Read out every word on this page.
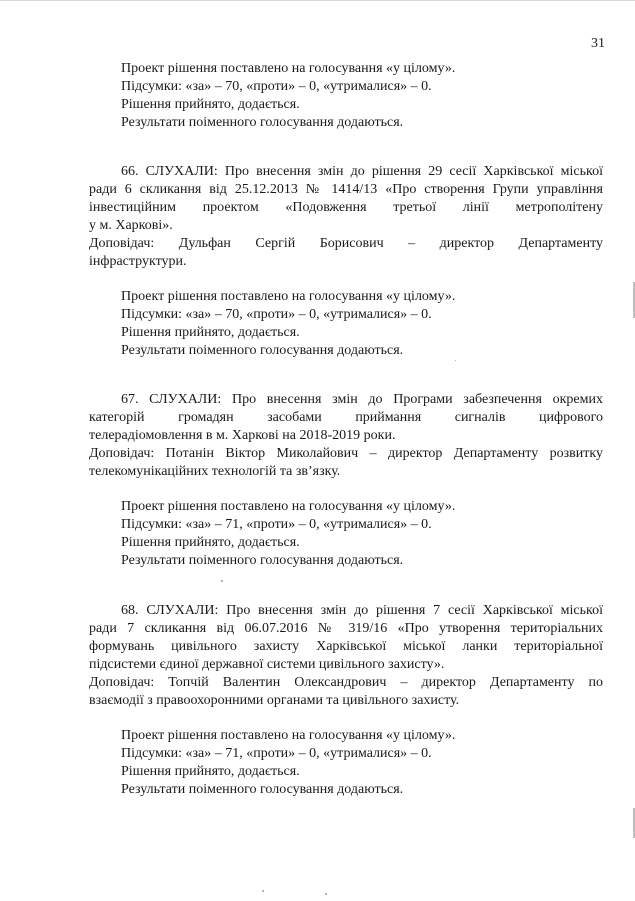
31
Проект рішення поставлено на голосування «у цілому».
Підсумки: «за» – 70, «проти» – 0, «утрималися» – 0.
Рішення прийнято, додається.
Результати поіменного голосування додаються.
66. СЛУХАЛИ: Про внесення змін до рішення 29 сесії Харківської міської
ради 6 скликання від 25.12.2013 № 1414/13 «Про створення Групи управління
інвестиційним проектом «Подовження третьої лінії метрополітену
у м. Харкові».
Доповідач: Дульфан Сергій Борисович – директор Департаменту
інфраструктури.
Проект рішення поставлено на голосування «у цілому».
Підсумки: «за» – 70, «проти» – 0, «утрималися» – 0.
Рішення прийнято, додається.
Результати поіменного голосування додаються.
67. СЛУХАЛИ: Про внесення змін до Програми забезпечення окремих
категорій громадян засобами приймання сигналів цифрового
телерадіомовлення в м. Харкові на 2018-2019 роки.
Доповідач: Потанін Віктор Миколайович – директор Департаменту розвитку
телекомунікаційних технологій та зв’язку.
Проект рішення поставлено на голосування «у цілому».
Підсумки: «за» – 71, «проти» – 0, «утрималися» – 0.
Рішення прийнято, додається.
Результати поіменного голосування додаються.
68. СЛУХАЛИ: Про внесення змін до рішення 7 сесії Харківської міської
ради 7 скликання від 06.07.2016 № 319/16 «Про утворення територіальних
формувань цивільного захисту Харківської міської ланки територіальної
підсистеми єдиної державної системи цивільного захисту».
Доповідач: Топчій Валентин Олександрович – директор Департаменту по
взаємодії з правоохоронними органами та цивільного захисту.
Проект рішення поставлено на голосування «у цілому».
Підсумки: «за» – 71, «проти» – 0, «утрималися» – 0.
Рішення прийнято, додається.
Результати поіменного голосування додаються.
